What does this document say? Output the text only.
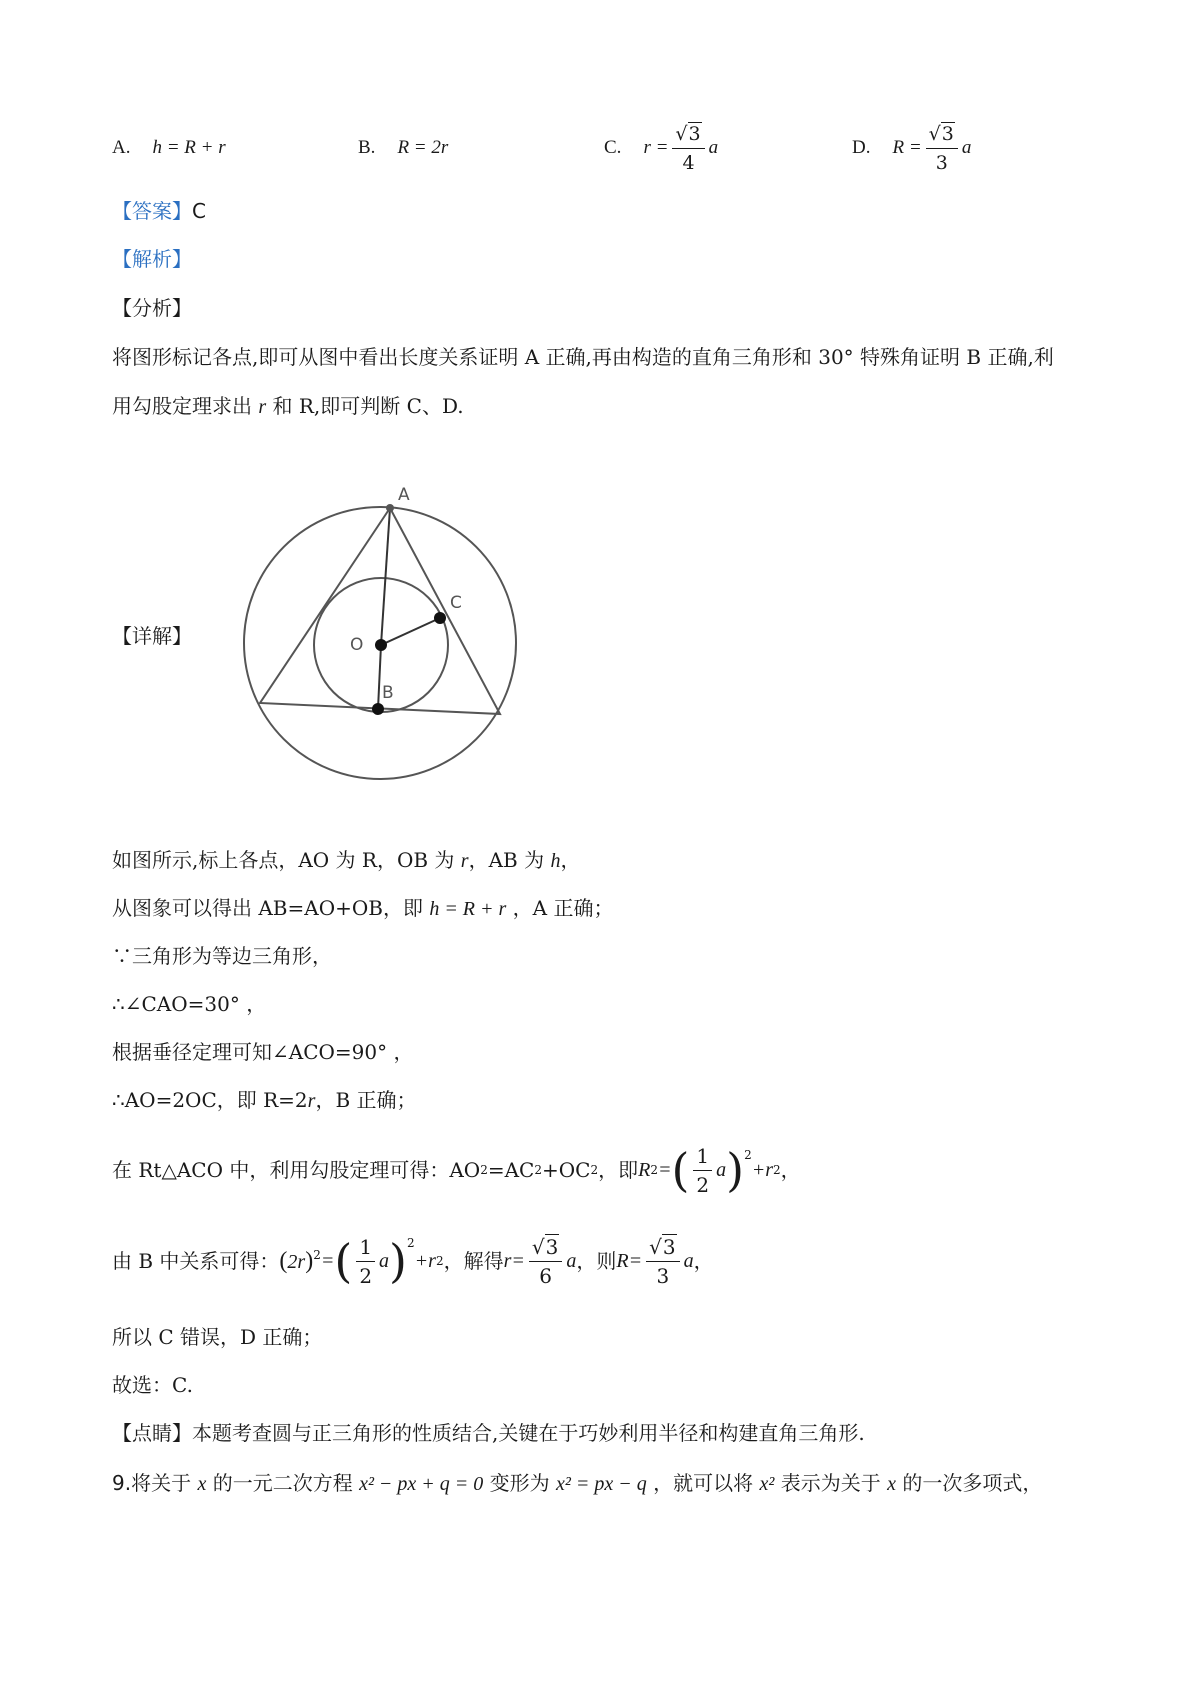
A. h = R + r	B. R = 2r	C. $r = \frac{√3}{4}$ a	D. $R = \frac{√3}{3}$ a
【答案】C
【解析】
【分析】
将图形标记各点,即可从图中看出长度关系证明 A 正确,再由构造的直角三角形和 30° 特殊角证明 B 正确,利
用勾股定理求出 r 和 R,即可判断 C、D.
【详解】
A
C
O
B
如图所示,标上各点，AO 为 R，OB 为 r，AB 为 h，
从图象可以得出 AB=AO+OB，即 h = R + r ，A 正确；
∵三角形为等边三角形，
∴∠CAO=30° ，
根据垂径定理可知∠ACO=90° ，
∴AO=2OC，即 R=2r，B 正确；
在 Rt△ACO 中，利用勾股定理可得：AO 2 =AC 2 +OC 2 ，即 R 2 = ( $\frac{1}{2}$ a )$^2$
+ r 2 ，
由 B 中关系可得： $(2r)^2$ = ( $\frac{1}{2}$ a )$^2$
+ r 2 ，解得 $r = \frac{√3}{6}$ a ，则 $R = \frac{√3}{3}$ a ，
所以 C 错误，D 正确；
故选：C.
【点睛】本题考查圆与正三角形的性质结合,关键在于巧妙利用半径和构建直角三角形.
9.将关于 x 的一元二次方程 x² − px + q = 0 变形为 x² = px − q ，就可以将 x² 表示为关于 x 的一次多项式，
